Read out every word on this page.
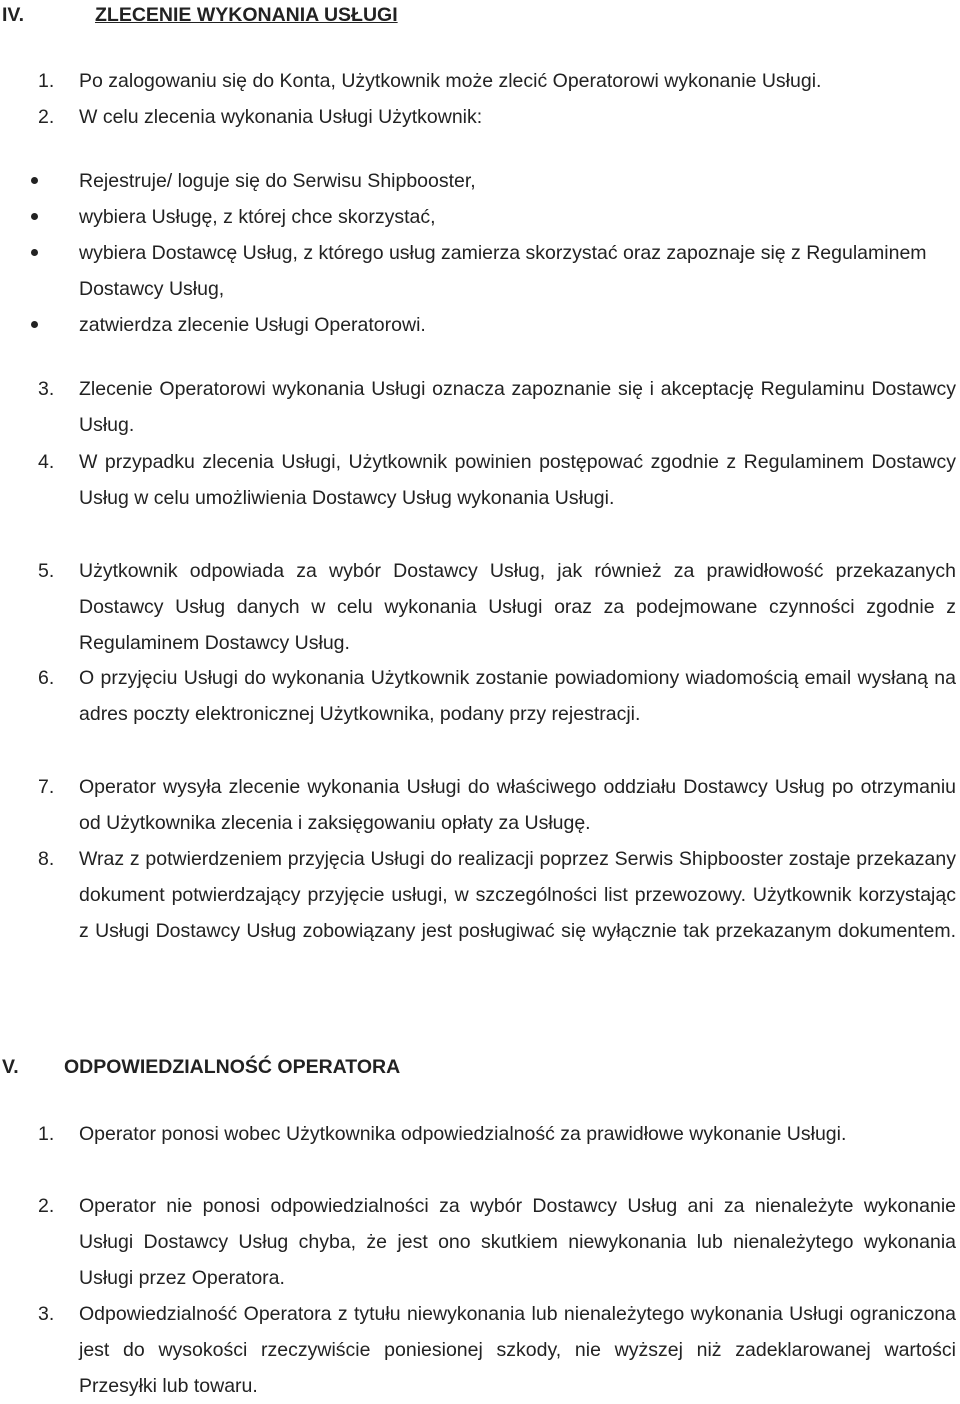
IV.	ZLECENIE WYKONANIA USŁUGI
1.	Po zalogowaniu się do Konta, Użytkownik może zlecić Operatorowi wykonanie Usługi.
2.	W celu zlecenia wykonania Usługi Użytkownik:
Rejestruje/ loguje się do Serwisu Shipbooster,
wybiera Usługę, z której chce skorzystać,
wybiera Dostawcę Usług, z którego usług zamierza skorzystać oraz zapoznaje się z Regulaminem Dostawcy Usług,
zatwierdza zlecenie Usługi Operatorowi.
3.	Zlecenie Operatorowi wykonania Usługi oznacza zapoznanie się i akceptację Regulaminu Dostawcy Usług.
4.	W przypadku zlecenia Usługi, Użytkownik powinien postępować zgodnie z Regulaminem Dostawcy Usług w celu umożliwienia Dostawcy Usług wykonania Usługi.
5.	Użytkownik odpowiada za wybór Dostawcy Usług, jak również za prawidłowość przekazanych Dostawcy Usług danych w celu wykonania Usługi oraz za podejmowane czynności zgodnie z Regulaminem Dostawcy Usług.
6.	O przyjęciu Usługi do wykonania Użytkownik zostanie powiadomiony wiadomością email wysłaną na adres poczty elektronicznej Użytkownika, podany przy rejestracji.
7.	Operator wysyła zlecenie wykonania Usługi do właściwego oddziału Dostawcy Usług po otrzymaniu od Użytkownika zlecenia i zaksięgowaniu opłaty za Usługę.
8.	Wraz z potwierdzeniem przyjęcia Usługi do realizacji poprzez Serwis Shipbooster zostaje przekazany dokument potwierdzający przyjęcie usługi, w szczególności list przewozowy. Użytkownik korzystając z Usługi Dostawcy Usług zobowiązany jest posługiwać się wyłącznie tak przekazanym dokumentem.
V. ODPOWIEDZIALNOŚĆ OPERATORA
1.	Operator ponosi wobec Użytkownika odpowiedzialność za prawidłowe wykonanie Usługi.
2.	Operator nie ponosi odpowiedzialności za wybór Dostawcy Usług ani za nienależyte wykonanie Usługi Dostawcy Usług chyba, że jest ono skutkiem niewykonania lub nienależytego wykonania Usługi przez Operatora.
3.	Odpowiedzialność Operatora z tytułu niewykonania lub nienależytego wykonania Usługi ograniczona jest do wysokości rzeczywiście poniesionej szkody, nie wyższej niż zadeklarowanej wartości Przesyłki lub towaru.
